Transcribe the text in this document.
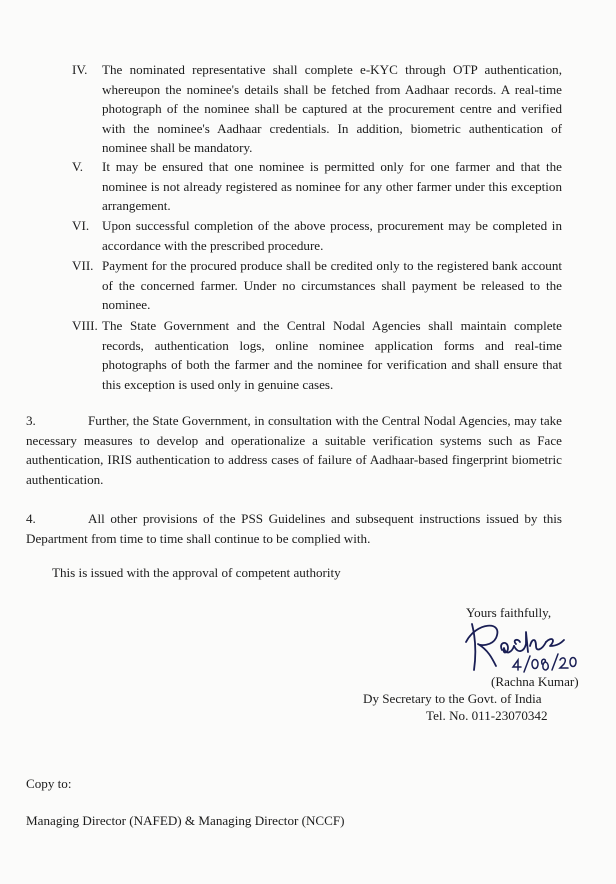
IV.	The nominated representative shall complete e-KYC through OTP authentication, whereupon the nominee's details shall be fetched from Aadhaar records. A real-time photograph of the nominee shall be captured at the procurement centre and verified with the nominee's Aadhaar credentials. In addition, biometric authentication of nominee shall be mandatory.
V.	It may be ensured that one nominee is permitted only for one farmer and that the nominee is not already registered as nominee for any other farmer under this exception arrangement.
VI. Upon successful completion of the above process, procurement may be completed in accordance with the prescribed procedure.
VII. Payment for the procured produce shall be credited only to the registered bank account of the concerned farmer. Under no circumstances shall payment be released to the nominee.
VIII. The State Government and the Central Nodal Agencies shall maintain complete records, authentication logs, online nominee application forms and real-time photographs of both the farmer and the nominee for verification and shall ensure that this exception is used only in genuine cases.
3.	Further, the State Government, in consultation with the Central Nodal Agencies, may take necessary measures to develop and operationalize a suitable verification systems such as Face authentication, IRIS authentication to address cases of failure of Aadhaar-based fingerprint biometric authentication.
4.	All other provisions of the PSS Guidelines and subsequent instructions issued by this Department from time to time shall continue to be complied with.
This is issued with the approval of competent authority
Yours faithfully,
(Rachna Kumar)
Dy Secretary to the Govt. of India
Tel. No. 011-23070342
Copy to:
Managing Director (NAFED) & Managing Director (NCCF)
